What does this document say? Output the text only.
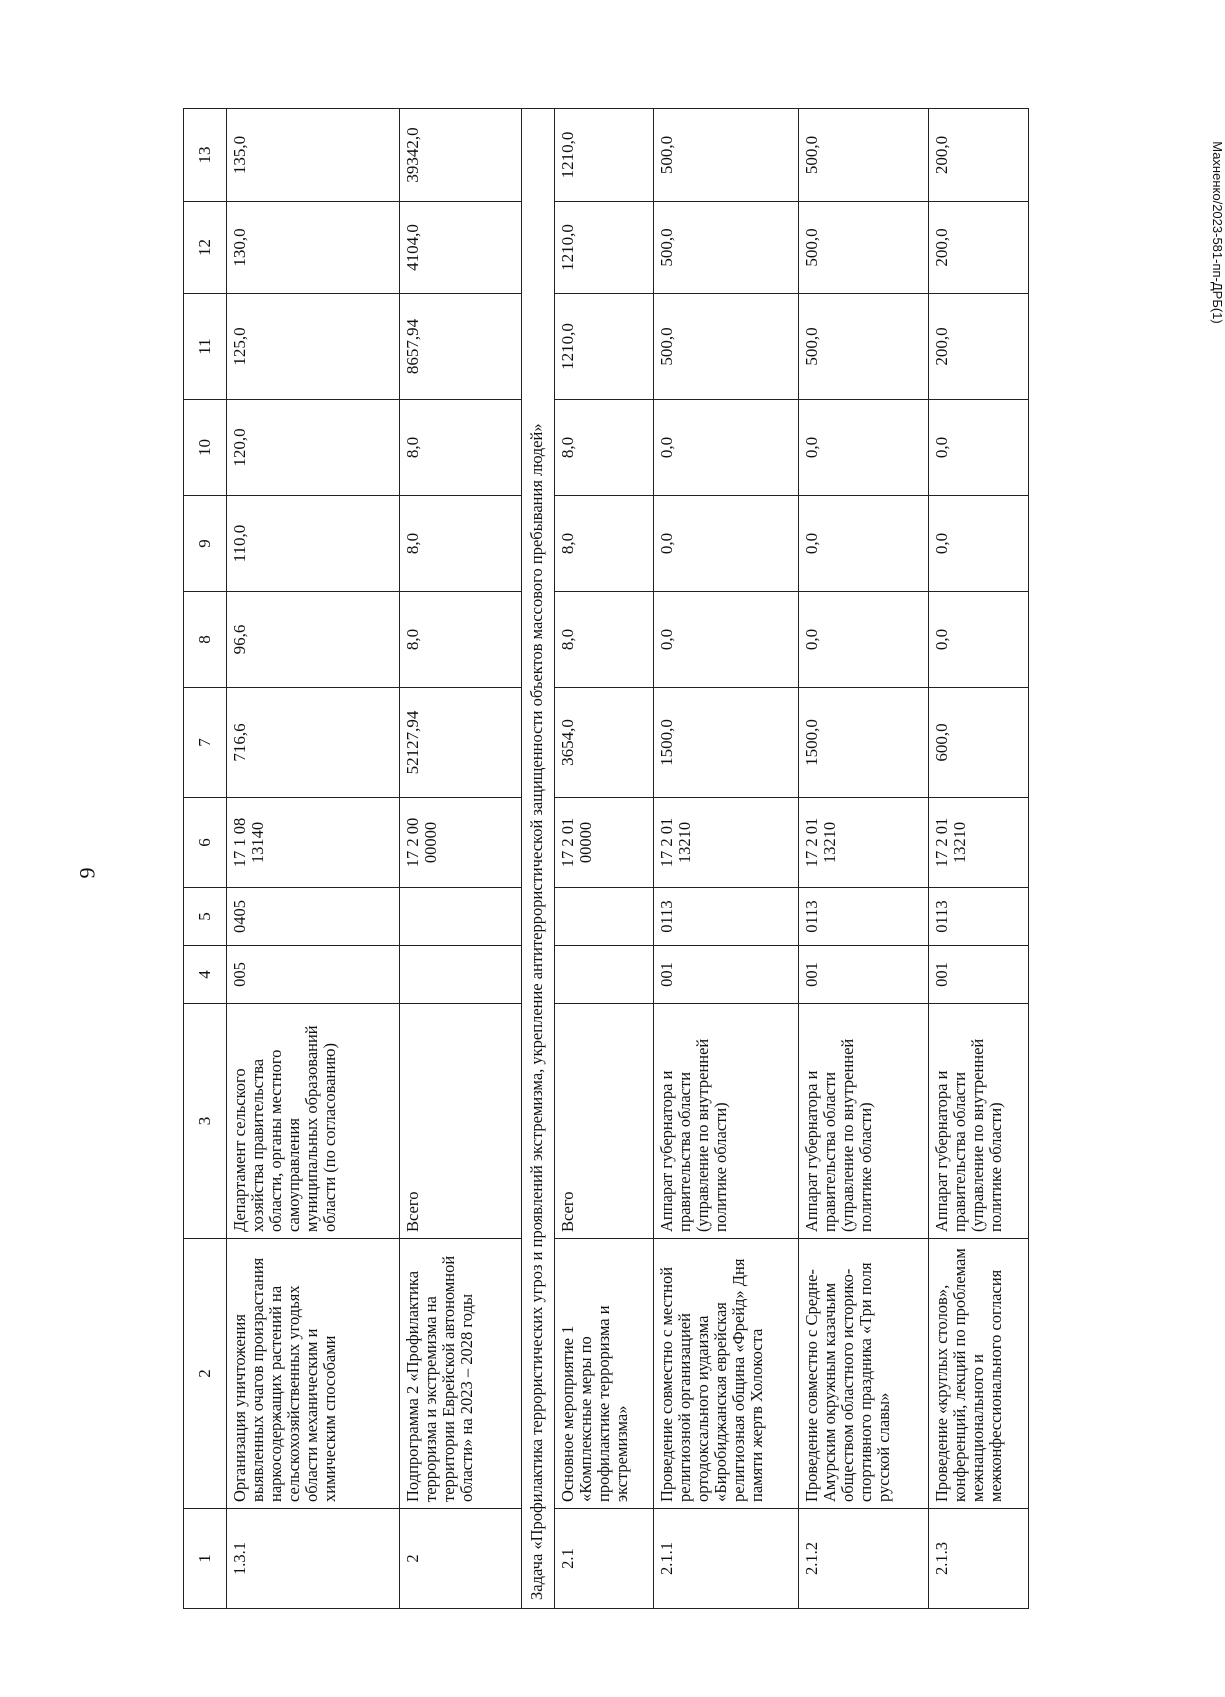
9
Махненко/2023-581-пп-ДРБ(1)
1	2	3	4	5	6	7	8	9	10	11	12	13
1.3.1	Организация уничтожения выявленных очагов произрастания наркосодержащих растений на сельскохозяйственных угодьях области механическим и химическим способами	Департамент сельского хозяйства правительства области, органы местного самоуправления муниципальных образований области (по согласованию)	005	0405	17 1 08 13140	716,6	96,6	110,0	120,0	125,0	130,0	135,0
2	Подпрограмма 2 «Профилактика терроризма и экстремизма на территории Еврейской автономной области» на 2023 – 2028 годы	Всего			17 2 00 00000	52127,94	8,0	8,0	8,0	8657,94	4104,0	39342,0
Задача «Профилактика террористических угроз и проявлений экстремизма, укрепление антитеррористической защищенности объектов массового пребывания людей»												
2.1	Основное мероприятие 1 «Комплексные меры по профилактике терроризма и экстремизма»	Всего			17 2 01 00000	3654,0	8,0	8,0	8,0	1210,0	1210,0	1210,0
2.1.1	Проведение совместно с местной религиозной организацией ортодоксального иудаизма «Биробиджанская еврейская религиозная община «Фрейд» Дня памяти жертв Холокоста	Аппарат губернатора и правительства области (управление по внутренней политике области)	001	0113	17 2 01 13210	1500,0	0,0	0,0	0,0	500,0	500,0	500,0
2.1.2	Проведение совместно с Средне-Амурским окружным казачьим обществом областного историко-спортивного праздника «Три поля русской славы»	Аппарат губернатора и правительства области (управление по внутренней политике области)	001	0113	17 2 01 13210	1500,0	0,0	0,0	0,0	500,0	500,0	500,0
2.1.3	Проведение «круглых столов», конференций, лекций по проблемам межнационального и межконфессионального согласия	Аппарат губернатора и правительства области (управление по внутренней политике области)	001	0113	17 2 01 13210	600,0	0,0	0,0	0,0	200,0	200,0	200,0
